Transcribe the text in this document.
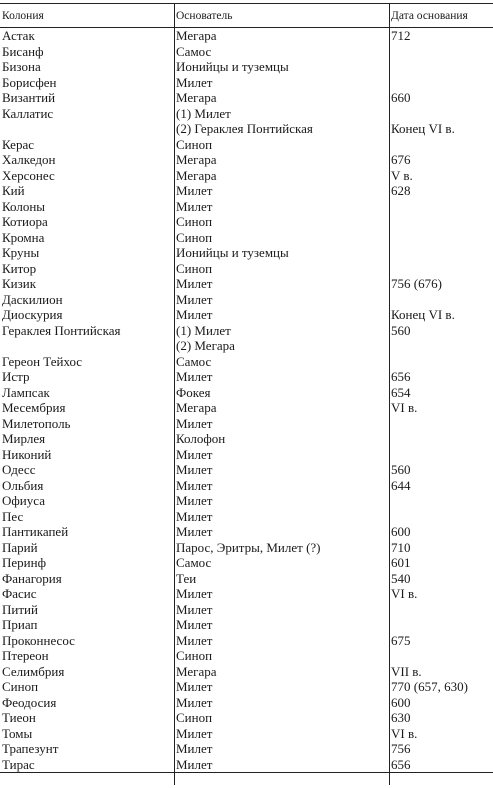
Колония	Основатель	Дата основания
Астак	Мегара	712
Бисанф	Самос	
Бизона	Ионийцы и туземцы	
Борисфен	Милет	
Византий	Мегара	660
Каллатис	(1) Милет	
	(2) Гераклея Понтийская	Конец VI в.
Керас	Синоп	
Халкедон	Мегара	676
Херсонес	Мегара	V в.
Кий	Милет	628
Колоны	Милет	
Котиора	Синоп	
Кромна	Синоп	
Круны	Ионийцы и туземцы	
Китор	Синоп	
Кизик	Милет	756 (676)
Даскилион	Милет	
Диоскурия	Милет	Конец VI в.
Гераклея Понтийская	(1) Милет	560
	(2) Мегара	
Гереон Тейхос	Самос	
Истр	Милет	656
Лампсак	Фокея	654
Месембрия	Мегара	VI в.
Милетополь	Милет	
Мирлея	Колофон	
Никоний	Милет	
Одесс	Милет	560
Ольбия	Милет	644
Офиуса	Милет	
Пес	Милет	
Пантикапей	Милет	600
Парий	Парос, Эритры, Милет (?)	710
Перинф	Самос	601
Фанагория	Теи	540
Фасис	Милет	VI в.
Питий	Милет	
Приап	Милет	
Проконнесос	Милет	675
Птерeон	Синоп	
Селимбрия	Мегара	VII в.
Синоп	Милет	770 (657, 630)
Феодосия	Милет	600
Тиеон	Синоп	630
Томы	Милет	VI в.
Трапезунт	Милет	756
Тирас	Милет	656
